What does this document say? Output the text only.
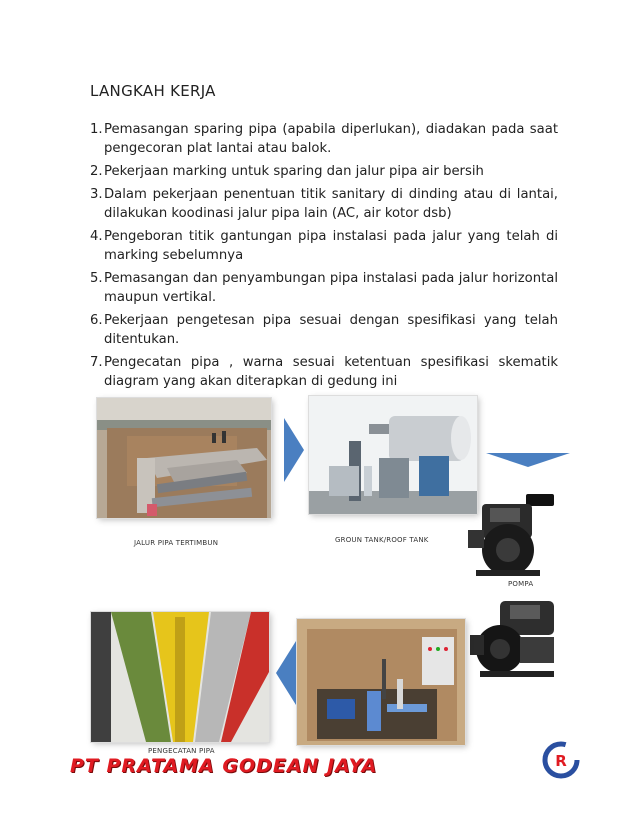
LANGKAH KERJA
1. Pemasangan sparing pipa (apabila diperlukan), diadakan pada saat pengecoran plat lantai atau balok.
2. Pekerjaan marking untuk sparing dan jalur pipa air bersih
3. Dalam pekerjaan penentuan titik sanitary di dinding atau di lantai, dilakukan koodinasi jalur pipa lain (AC, air kotor dsb)
4. Pengeboran titik gantungan pipa instalasi pada jalur yang telah di marking sebelumnya
5. Pemasangan dan penyambungan pipa instalasi pada jalur horizontal maupun vertikal.
6. Pekerjaan pengetesan pipa sesuai dengan spesifikasi yang telah ditentukan.
7. Pengecatan pipa , warna sesuai ketentuan spesifikasi skematik diagram yang akan diterapkan di gedung ini
POMPA
JALUR PIPA TERTIMBUN	GROUN TANK/ROOF TANK
PENGECATAN PIPA
PT PRATAMA GODEAN JAYA	R
